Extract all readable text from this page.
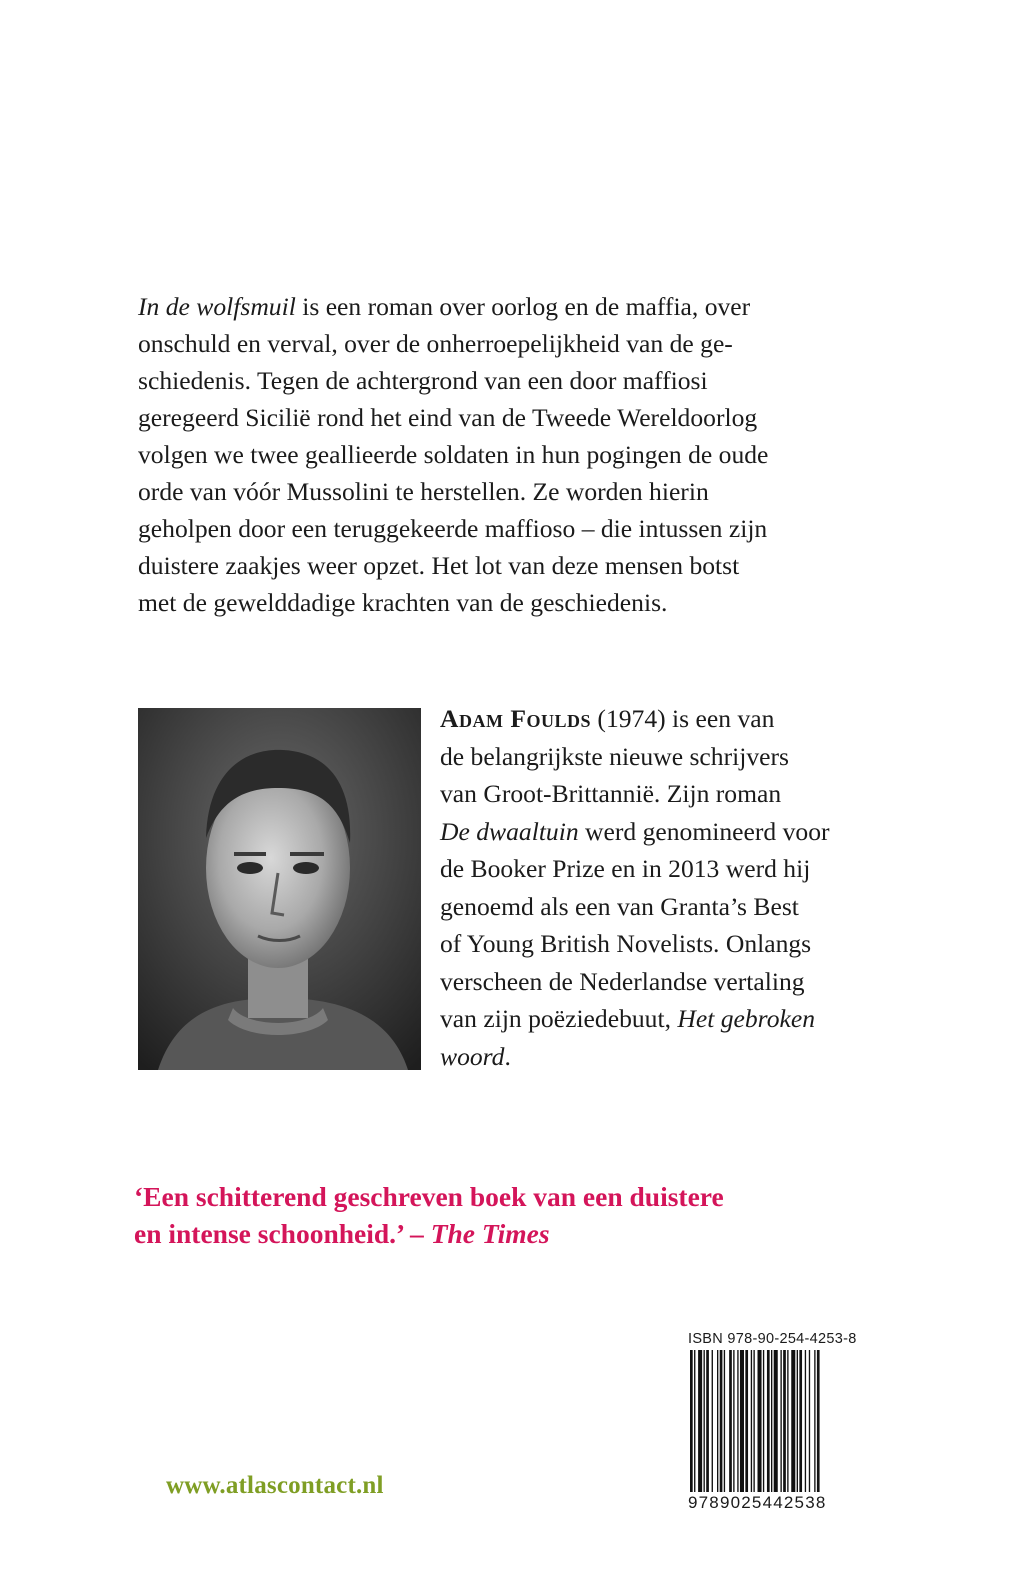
In de wolfsmuil is een roman over oorlog en de maffia, over
onschuld en verval, over de onherroepelijkheid van de ge-
schiedenis. Tegen de achtergrond van een door maffiosi
geregeerd Sicilië rond het eind van de Tweede Wereldoorlog
volgen we twee geallieerde soldaten in hun pogingen de oude
orde van vóór Mussolini te herstellen. Ze worden hierin
geholpen door een teruggekeerde maffioso – die intussen zijn
duistere zaakjes weer opzet. Het lot van deze mensen botst
met de gewelddadige krachten van de geschiedenis.
Adam Foulds (1974) is een van
de belangrijkste nieuwe schrijvers
van Groot-Brittannië. Zijn roman
De dwaaltuin werd genomineerd voor
de Booker Prize en in 2013 werd hij
genoemd als een van Granta’s Best
of Young British Novelists. Onlangs
verscheen de Nederlandse vertaling
van zijn poëziedebuut, Het gebroken
woord.
‘Een schitterend geschreven boek van een duistere
en intense schoonheid.’ – The Times
ISBN 978-90-254-4253-8
9789025442538
www.atlascontact.nl
